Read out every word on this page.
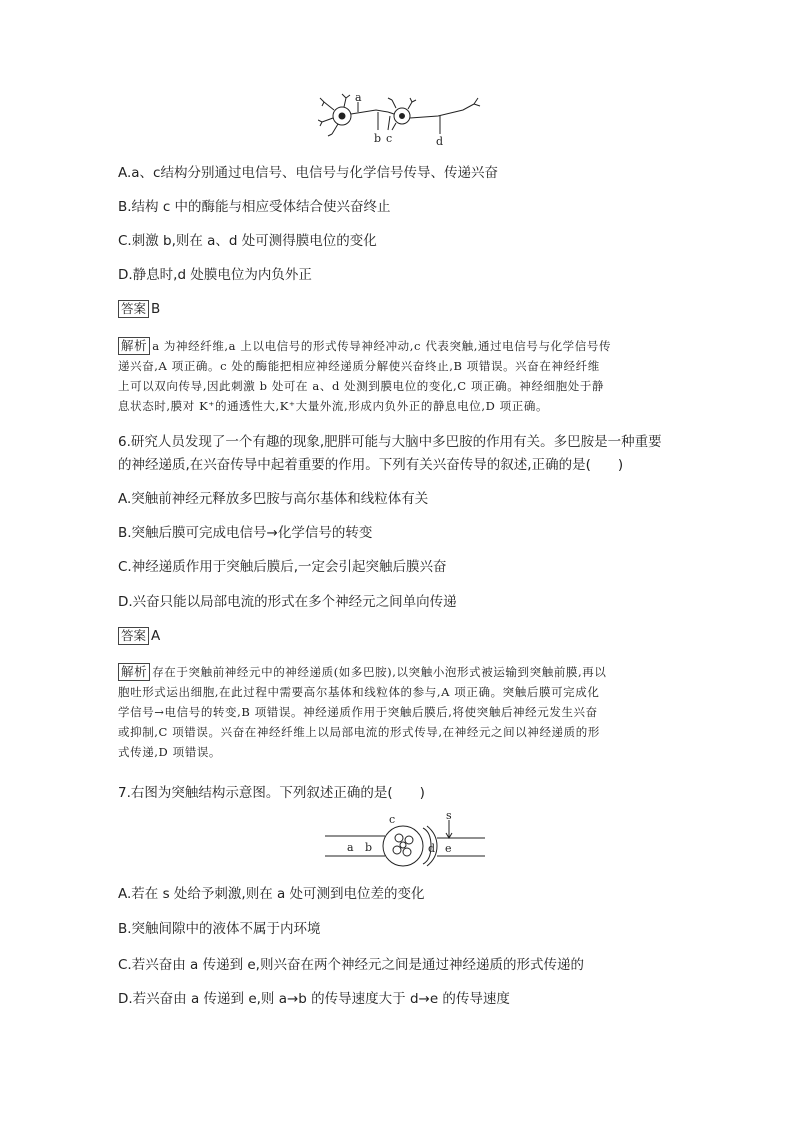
a
b c	d
A.a、c结构分别通过电信号、电信号与化学信号传导、传递兴奋
B.结构 c 中的酶能与相应受体结合使兴奋终止
C.刺激 b,则在 a、d 处可测得膜电位的变化
D.静息时,d 处膜电位为内负外正
答案 B

解析 a 为神经纤维,a 上以电信号的形式传导神经冲动,c 代表突触,通过电信号与化学信号传

递兴奋,A 项正确。c 处的酶能把相应神经递质分解使兴奋终止,B 项错误。兴奋在神经纤维

上可以双向传导,因此刺激 b 处可在 a、d 处测到膜电位的变化,C 项正确。神经细胞处于静

息状态时,膜对 K⁺的通透性大,K⁺大量外流,形成内负外正的静息电位,D 项正确。

6.研究人员发现了一个有趣的现象,肥胖可能与大脑中多巴胺的作用有关。多巴胺是一种重要
的神经递质,在兴奋传导中起着重要的作用。下列有关兴奋传导的叙述,正确的是(　　)
A.突触前神经元释放多巴胺与高尔基体和线粒体有关
B.突触后膜可完成电信号→化学信号的转变
C.神经递质作用于突触后膜后,一定会引起突触后膜兴奋
D.兴奋只能以局部电流的形式在多个神经元之间单向传递
答案 A

解析 存在于突触前神经元中的神经递质(如多巴胺),以突触小泡形式被运输到突触前膜,再以

胞吐形式运出细胞,在此过程中需要高尔基体和线粒体的参与,A 项正确。突触后膜可完成化

学信号→电信号的转变,B 项错误。神经递质作用于突触后膜后,将使突触后神经元发生兴奋

或抑制,C 项错误。兴奋在神经纤维上以局部电流的形式传导,在神经元之间以神经递质的形

式传递,D 项错误。

7.右图为突触结构示意图。下列叙述正确的是(　　)
a b
c
d e
s
A.若在 s 处给予刺激,则在 a 处可测到电位差的变化
B.突触间隙中的液体不属于内环境
C.若兴奋由 a 传递到 e,则兴奋在两个神经元之间是通过神经递质的形式传递的
D.若兴奋由 a 传递到 e,则 a→b 的传导速度大于 d→e 的传导速度
